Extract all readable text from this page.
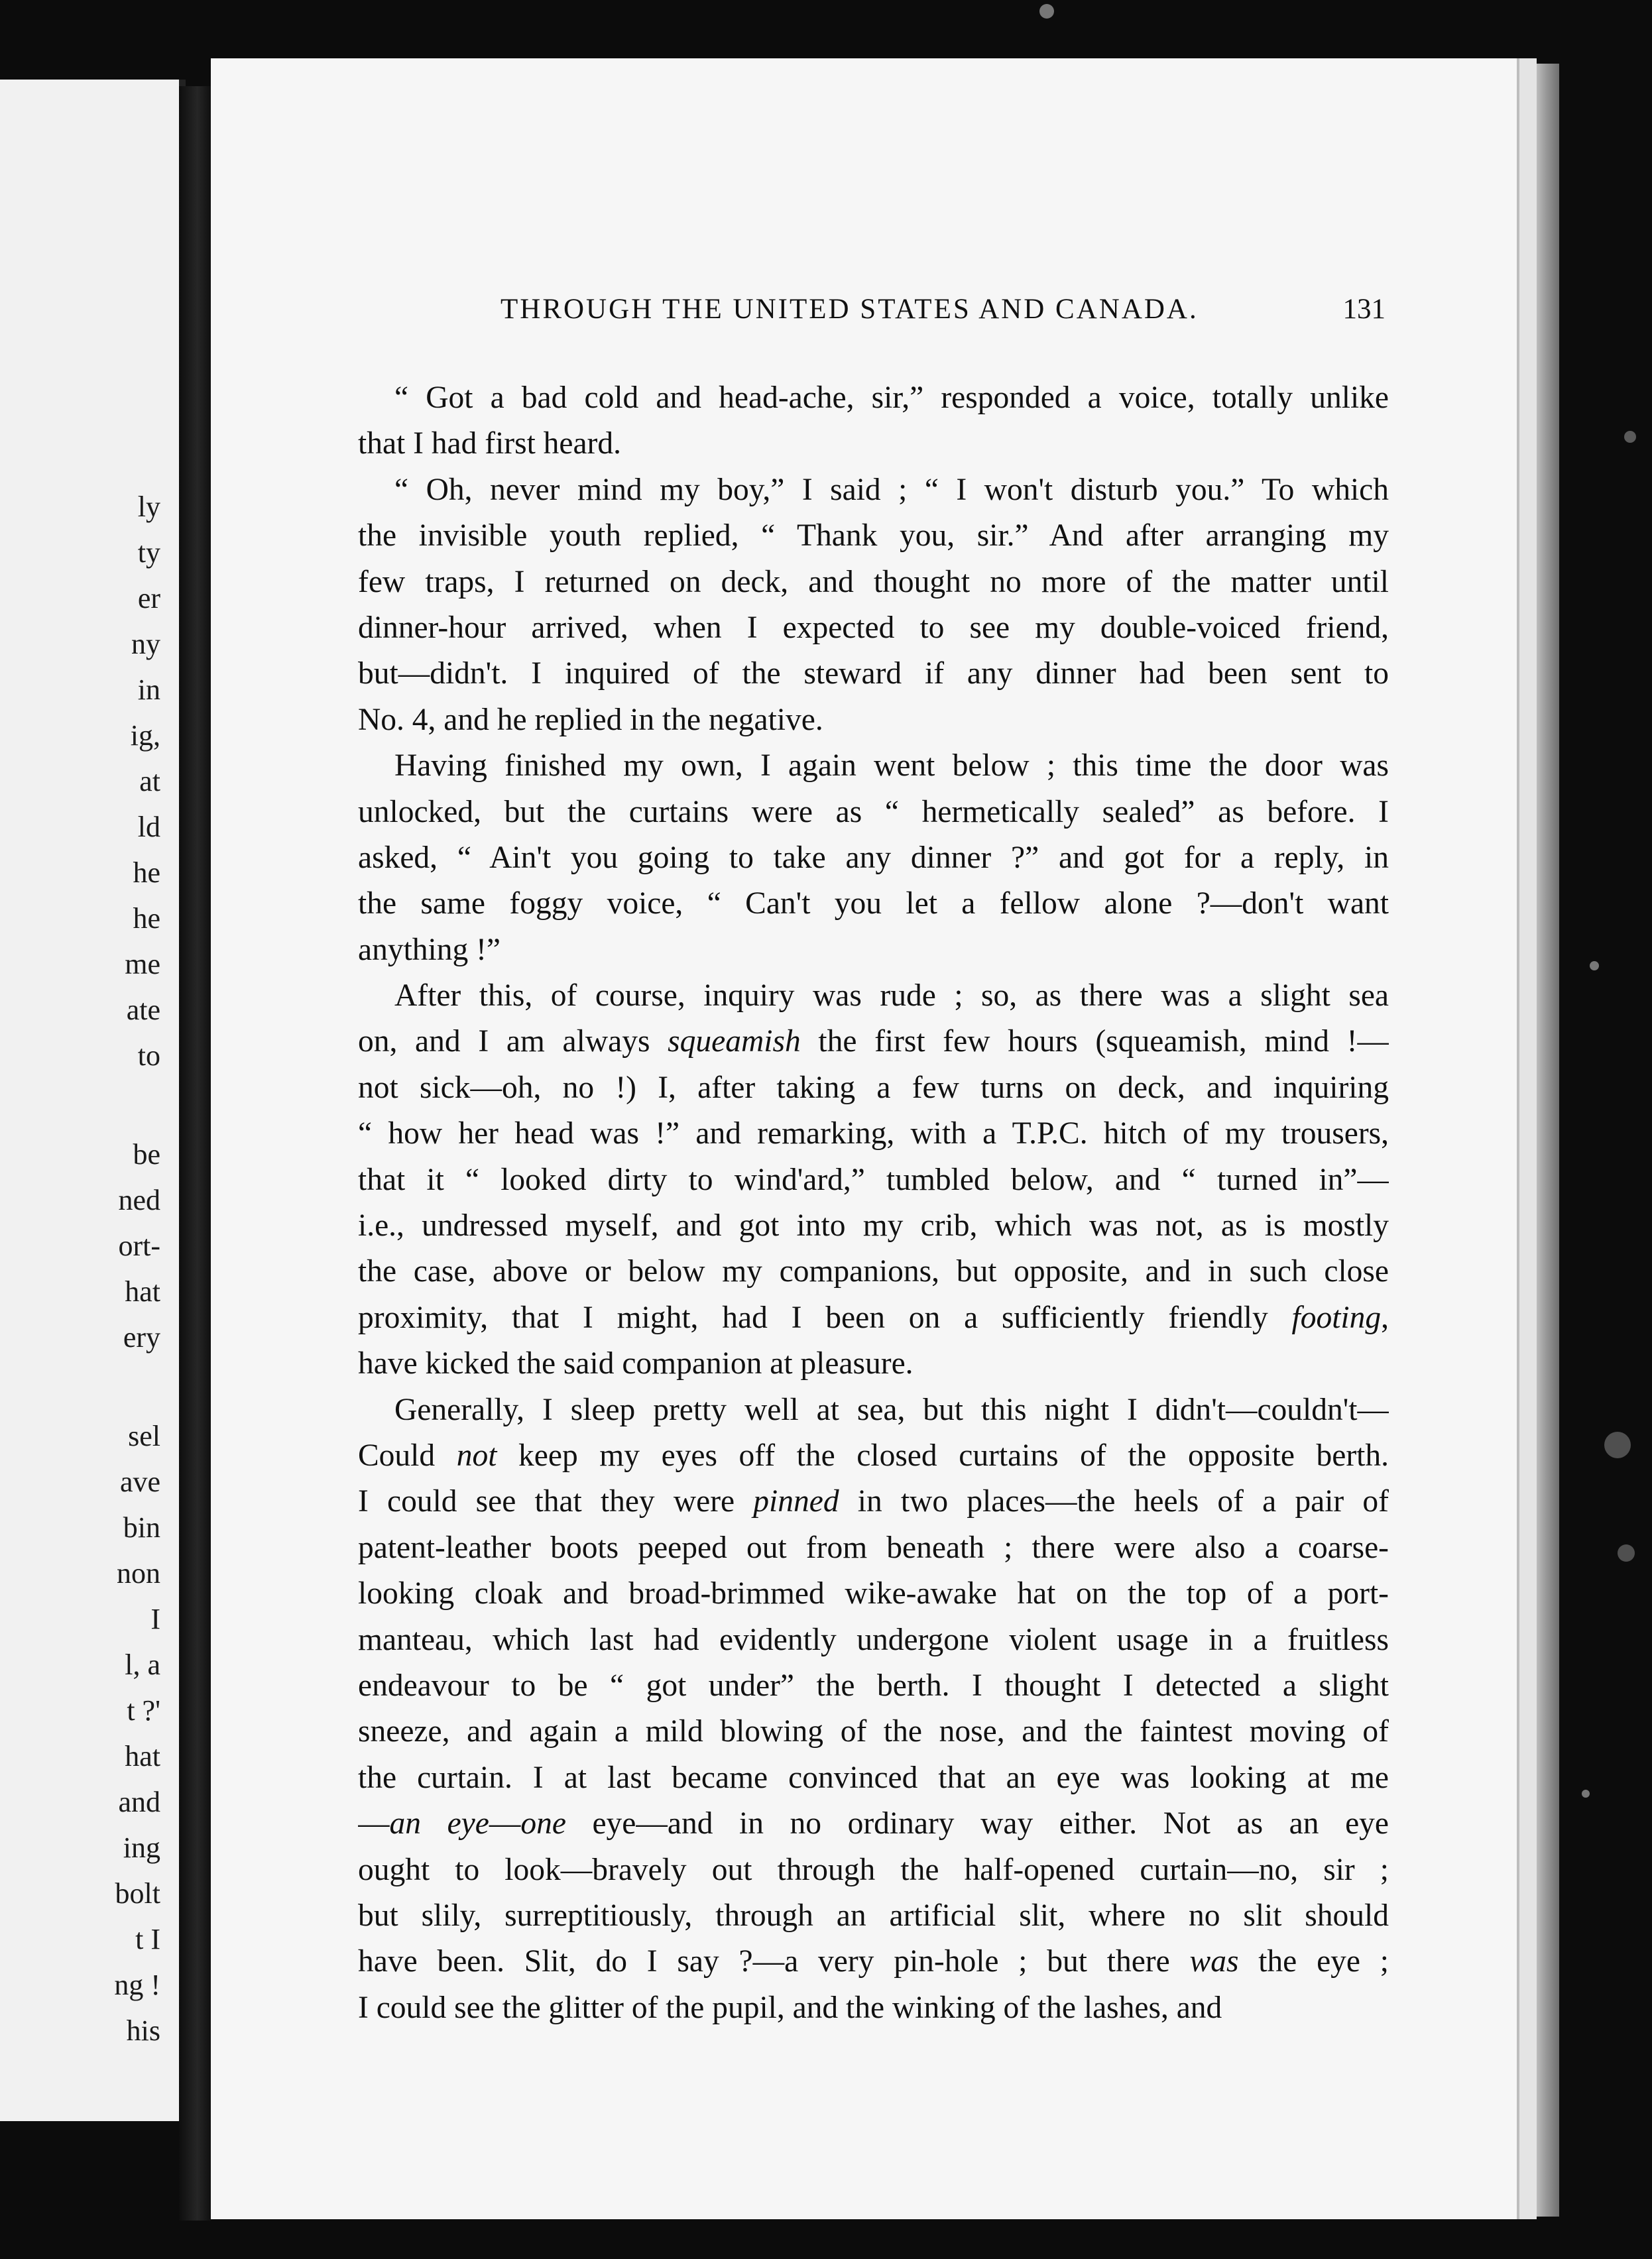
ly
ty
er
ny
in
ig,
at
ld
he
he
me
ate
to
be
ned
ort-
hat
ery
sel
ave
bin
non
I
l, a
t ?'
hat
and
ing
bolt
t I
ng !
his
THROUGH THE UNITED STATES AND CANADA.	131
“ Got a bad cold and head-ache, sir,” responded a voice, totally unlike
that I had first heard.
“ Oh, never mind my boy,” I said ; “ I won't disturb you.” To which
the invisible youth replied, “ Thank you, sir.” And after arranging my
few traps, I returned on deck, and thought no more of the matter until
dinner-hour arrived, when I expected to see my double-voiced friend,
but—didn't. I inquired of the steward if any dinner had been sent to
No. 4, and he replied in the negative.
Having finished my own, I again went below ; this time the door was
unlocked, but the curtains were as “ hermetically sealed” as before. I
asked, “ Ain't you going to take any dinner ?” and got for a reply, in
the same foggy voice, “ Can't you let a fellow alone ?—don't want
anything !”
After this, of course, inquiry was rude ; so, as there was a slight sea
on, and I am always squeamish the first few hours (squeamish, mind !—
not sick—oh, no !) I, after taking a few turns on deck, and inquiring
“ how her head was !” and remarking, with a T.P.C. hitch of my trousers,
that it “ looked dirty to wind'ard,” tumbled below, and “ turned in”—
i.e., undressed myself, and got into my crib, which was not, as is mostly
the case, above or below my companions, but opposite, and in such close
proximity, that I might, had I been on a sufficiently friendly footing,
have kicked the said companion at pleasure.
Generally, I sleep pretty well at sea, but this night I didn't—couldn't—
Could not keep my eyes off the closed curtains of the opposite berth.
I could see that they were pinned in two places—the heels of a pair of
patent-leather boots peeped out from beneath ; there were also a coarse-
looking cloak and broad-brimmed wike-awake hat on the top of a port-
manteau, which last had evidently undergone violent usage in a fruitless
endeavour to be “ got under” the berth. I thought I detected a slight
sneeze, and again a mild blowing of the nose, and the faintest moving of
the curtain. I at last became convinced that an eye was looking at me
—an eye—one eye—and in no ordinary way either. Not as an eye
ought to look—bravely out through the half-opened curtain—no, sir ;
but slily, surreptitiously, through an artificial slit, where no slit should
have been. Slit, do I say ?—a very pin-hole ; but there was the eye ;
I could see the glitter of the pupil, and the winking of the lashes, and
